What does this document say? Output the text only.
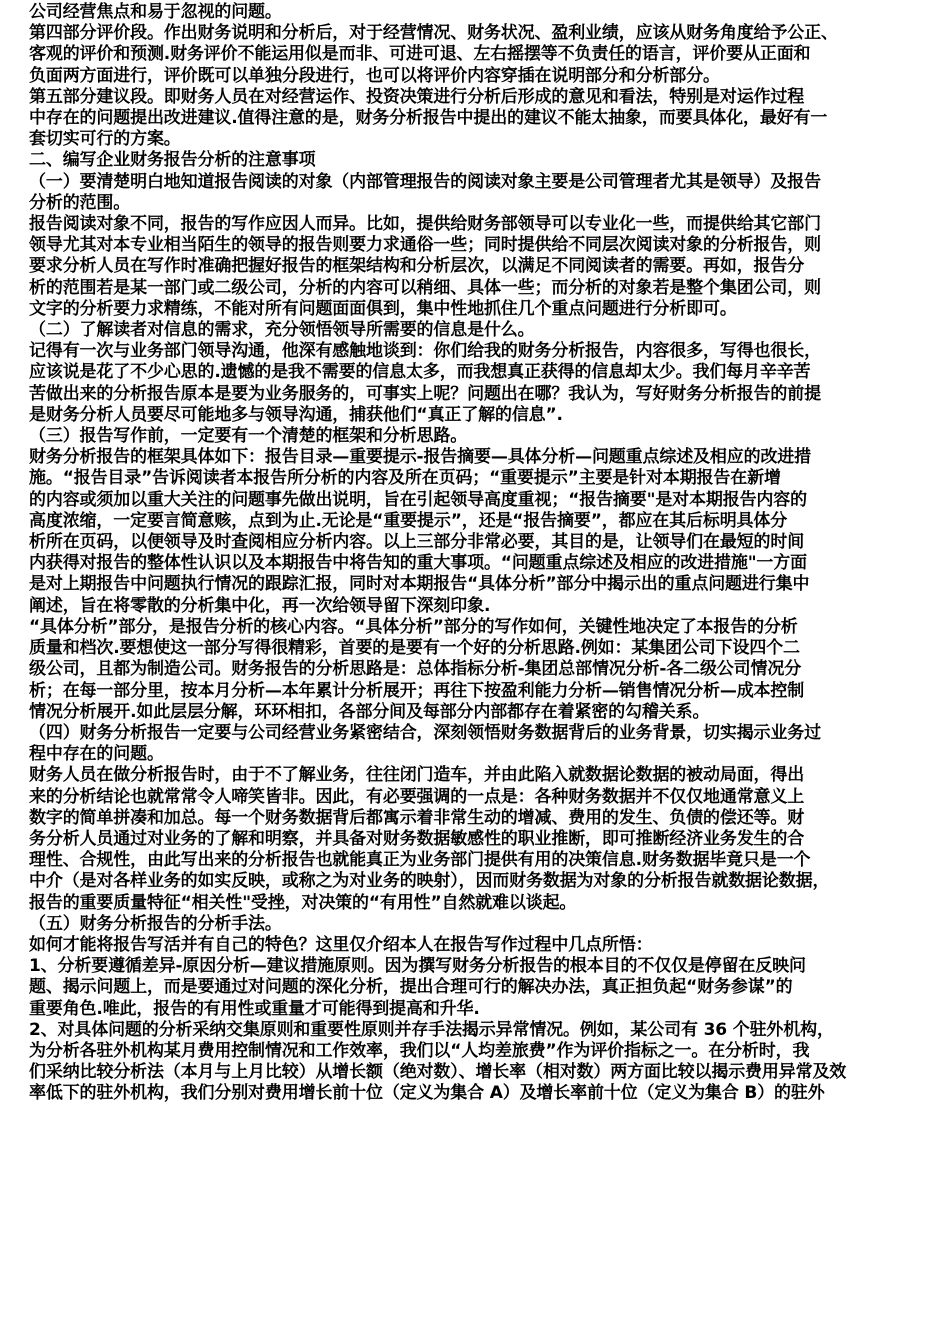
公司经营焦点和易于忽视的问题。
第四部分评价段。作出财务说明和分析后，对于经营情况、财务状况、盈利业绩，应该从财务角度给予公正、
客观的评价和预测.财务评价不能运用似是而非、可进可退、左右摇摆等不负责任的语言，评价要从正面和
负面两方面进行，评价既可以单独分段进行，也可以将评价内容穿插在说明部分和分析部分。
第五部分建议段。即财务人员在对经营运作、投资决策进行分析后形成的意见和看法，特别是对运作过程
中存在的问题提出改进建议.值得注意的是，财务分析报告中提出的建议不能太抽象，而要具体化，最好有一
套切实可行的方案。
二、编写企业财务报告分析的注意事项
（一）要清楚明白地知道报告阅读的对象（内部管理报告的阅读对象主要是公司管理者尤其是领导）及报告
分析的范围。
报告阅读对象不同，报告的写作应因人而异。比如，提供给财务部领导可以专业化一些，而提供给其它部门
领导尤其对本专业相当陌生的领导的报告则要力求通俗一些；同时提供给不同层次阅读对象的分析报告，则
要求分析人员在写作时准确把握好报告的框架结构和分析层次，以满足不同阅读者的需要。再如，报告分
析的范围若是某一部门或二级公司，分析的内容可以稍细、具体一些；而分析的对象若是整个集团公司，则
文字的分析要力求精练，不能对所有问题面面俱到，集中性地抓住几个重点问题进行分析即可。
（二）了解读者对信息的需求，充分领悟领导所需要的信息是什么。
记得有一次与业务部门领导沟通，他深有感触地谈到：你们给我的财务分析报告，内容很多，写得也很长，
应该说是花了不少心思的.遗憾的是我不需要的信息太多，而我想真正获得的信息却太少。我们每月辛辛苦
苦做出来的分析报告原本是要为业务服务的，可事实上呢？问题出在哪？我认为，写好财务分析报告的前提
是财务分析人员要尽可能地多与领导沟通，捕获他们“真正了解的信息”.
（三）报告写作前，一定要有一个清楚的框架和分析思路。
财务分析报告的框架具体如下：报告目录—重要提示-报告摘要—具体分析—问题重点综述及相应的改进措
施。“报告目录”告诉阅读者本报告所分析的内容及所在页码；“重要提示”主要是针对本期报告在新增
的内容或须加以重大关注的问题事先做出说明，旨在引起领导高度重视；“报告摘要"是对本期报告内容的
高度浓缩，一定要言简意赅，点到为止.无论是“重要提示”，还是“报告摘要”，都应在其后标明具体分
析所在页码，以便领导及时查阅相应分析内容。以上三部分非常必要，其目的是，让领导们在最短的时间
内获得对报告的整体性认识以及本期报告中将告知的重大事项。“问题重点综述及相应的改进措施"一方面
是对上期报告中问题执行情况的跟踪汇报，同时对本期报告“具体分析”部分中揭示出的重点问题进行集中
阐述，旨在将零散的分析集中化，再一次给领导留下深刻印象.
“具体分析”部分，是报告分析的核心内容。“具体分析”部分的写作如何，关键性地决定了本报告的分析
质量和档次.要想使这一部分写得很精彩，首要的是要有一个好的分析思路.例如：某集团公司下设四个二
级公司，且都为制造公司。财务报告的分析思路是：总体指标分析-集团总部情况分析-各二级公司情况分
析；在每一部分里，按本月分析—本年累计分析展开；再往下按盈利能力分析—销售情况分析—成本控制
情况分析展开.如此层层分解，环环相扣，各部分间及每部分内部都存在着紧密的勾稽关系。
（四）财务分析报告一定要与公司经营业务紧密结合，深刻领悟财务数据背后的业务背景，切实揭示业务过
程中存在的问题。
财务人员在做分析报告时，由于不了解业务，往往闭门造车，并由此陷入就数据论数据的被动局面，得出
来的分析结论也就常常令人啼笑皆非。因此，有必要强调的一点是：各种财务数据并不仅仅地通常意义上
数字的简单拼凑和加总。每一个财务数据背后都寓示着非常生动的增减、费用的发生、负债的偿还等。财
务分析人员通过对业务的了解和明察，并具备对财务数据敏感性的职业推断，即可推断经济业务发生的合
理性、合规性，由此写出来的分析报告也就能真正为业务部门提供有用的决策信息.财务数据毕竟只是一个
中介（是对各样业务的如实反映，或称之为对业务的映射），因而财务数据为对象的分析报告就数据论数据，
报告的重要质量特征“相关性"受挫，对决策的“有用性”自然就难以谈起。
（五）财务分析报告的分析手法。
如何才能将报告写活并有自己的特色？这里仅介绍本人在报告写作过程中几点所悟：
1、分析要遵循差异-原因分析—建议措施原则。因为撰写财务分析报告的根本目的不仅仅是停留在反映问
题、揭示问题上，而是要通过对问题的深化分析，提出合理可行的解决办法，真正担负起“财务参谋”的
重要角色.唯此，报告的有用性或重量才可能得到提高和升华.
2、对具体问题的分析采纳交集原则和重要性原则并存手法揭示异常情况。例如，某公司有 36 个驻外机构，
为分析各驻外机构某月费用控制情况和工作效率，我们以“人均差旅费”作为评价指标之一。在分析时，我
们采纳比较分析法（本月与上月比较）从增长额（绝对数）、增长率（相对数）两方面比较以揭示费用异常及效
率低下的驻外机构，我们分别对费用增长前十位（定义为集合 A）及增长率前十位（定义为集合 B）的驻外
